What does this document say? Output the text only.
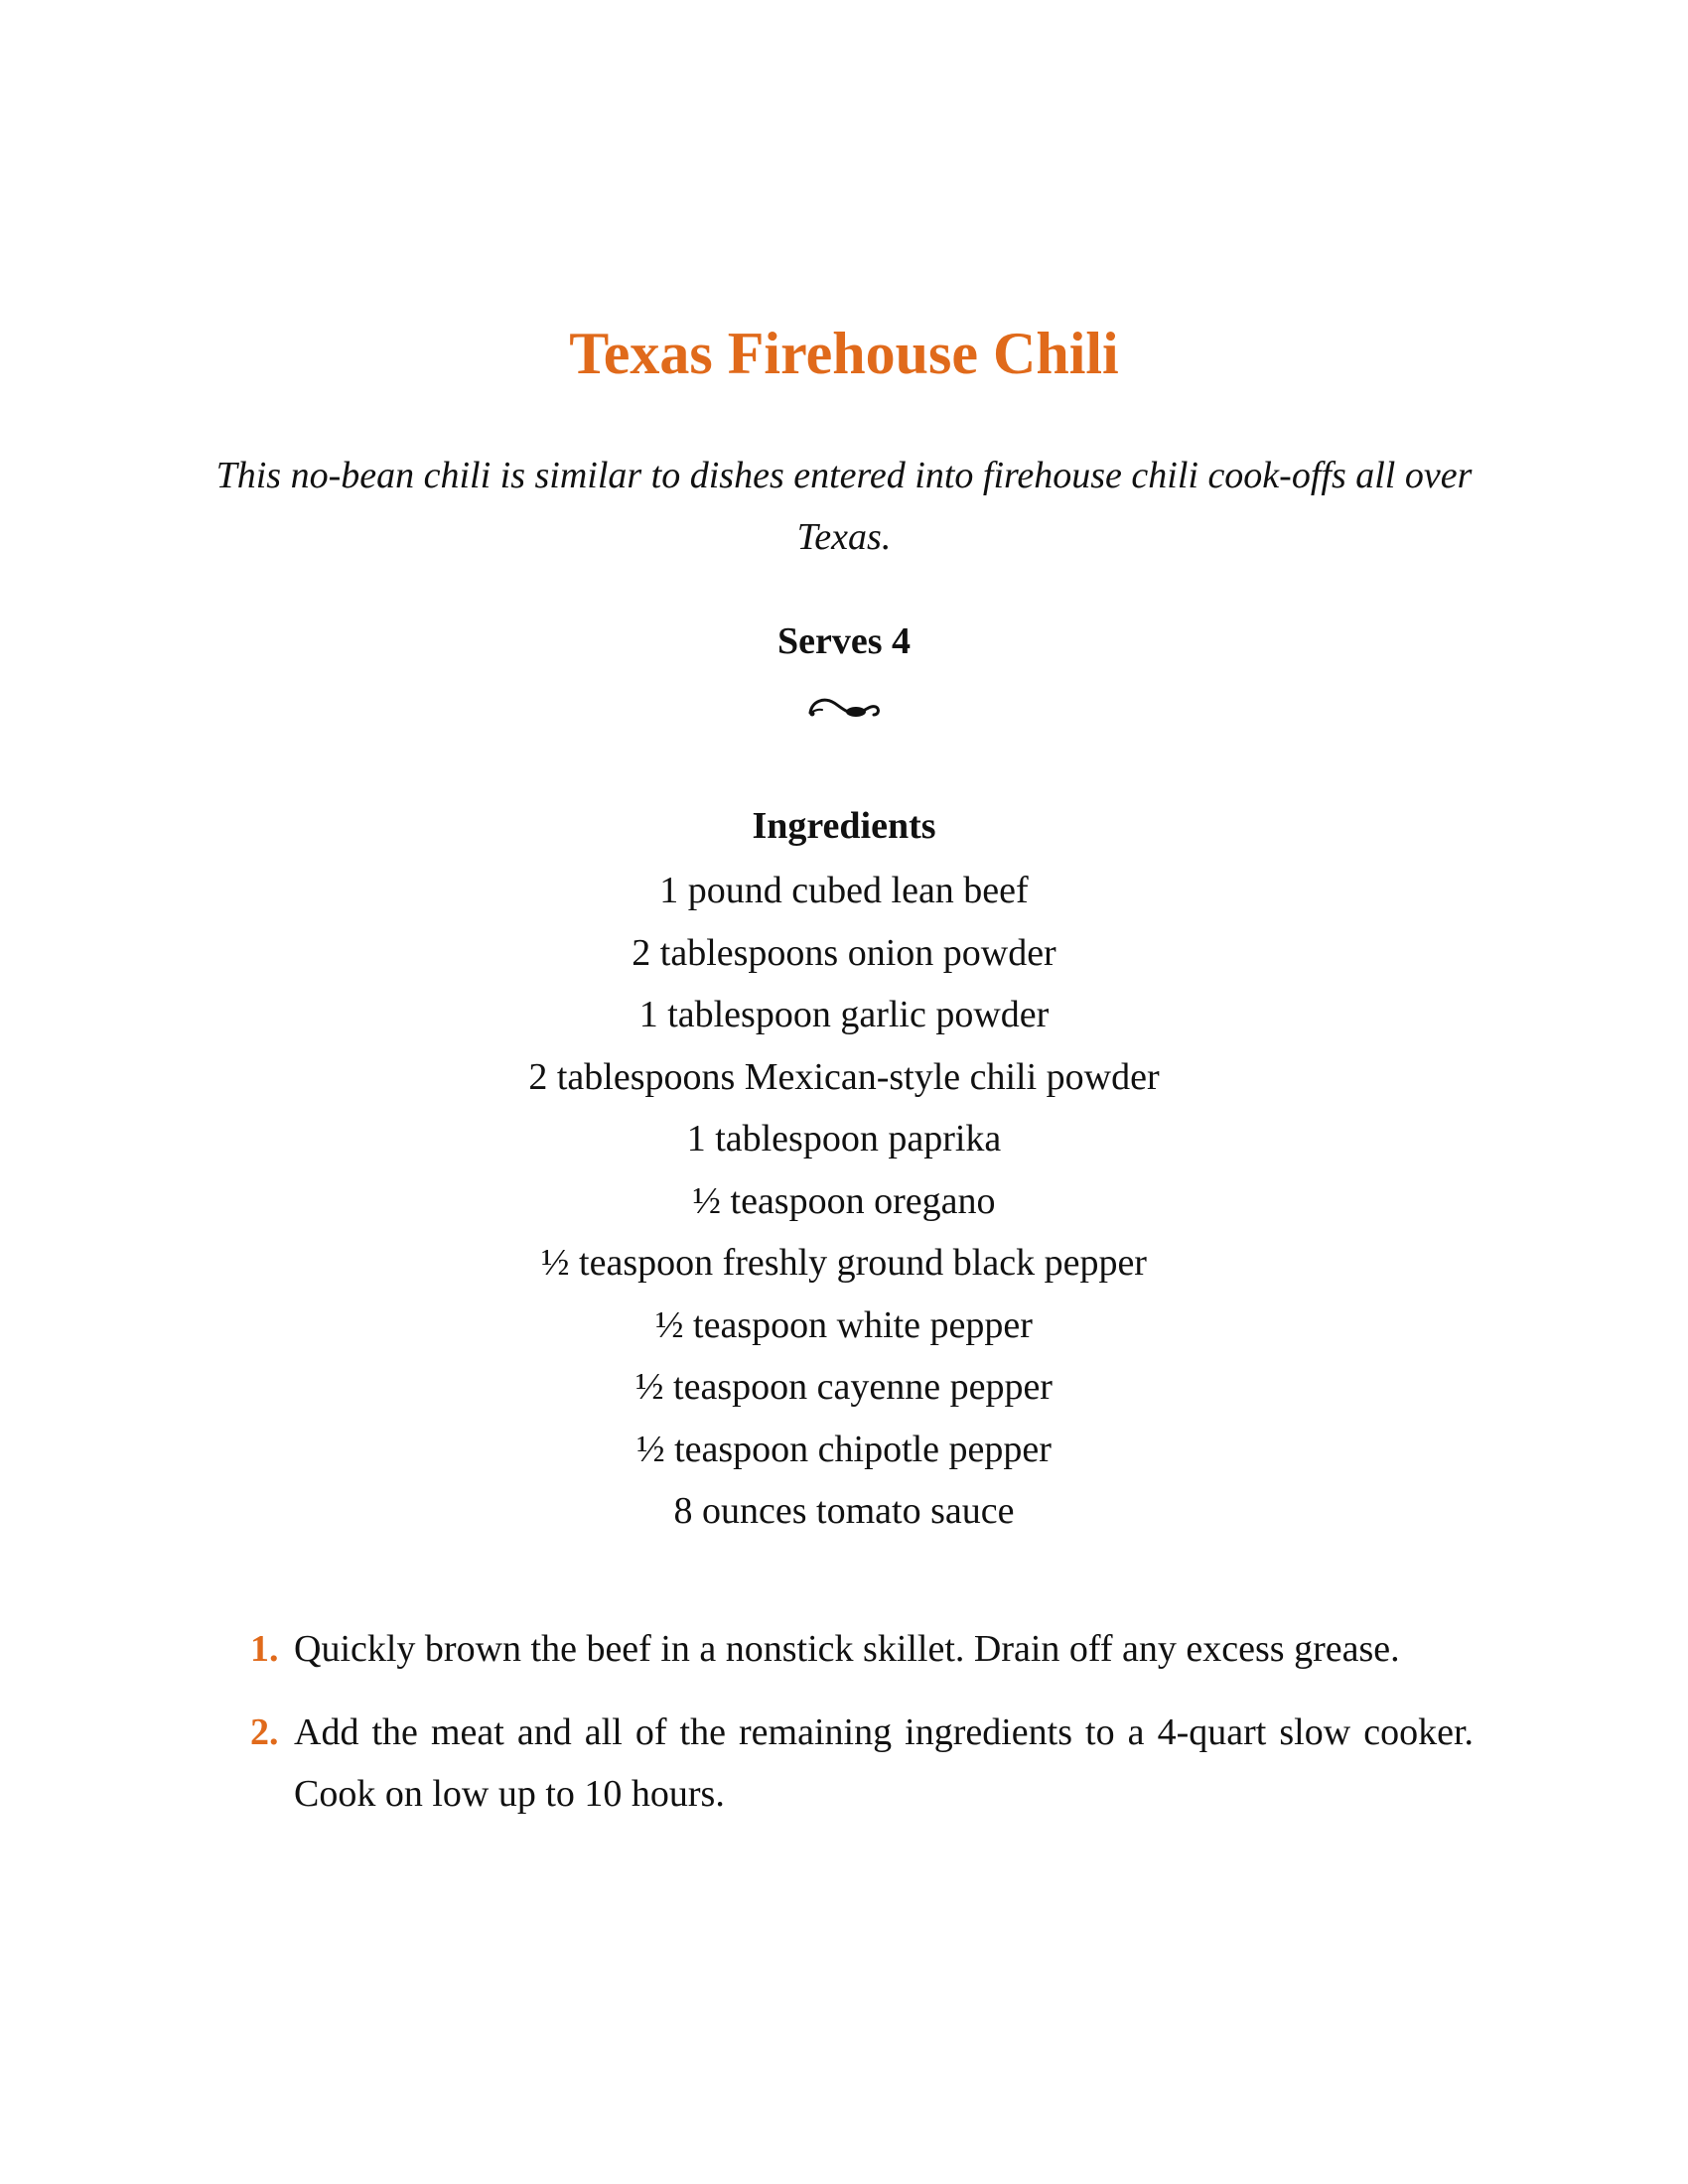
Texas Firehouse Chili

This no-bean chili is similar to dishes entered into firehouse chili cook-offs all over Texas.

Serves 4

Ingredients
1 pound cubed lean beef
2 tablespoons onion powder
1 tablespoon garlic powder
2 tablespoons Mexican-style chili powder
1 tablespoon paprika
½ teaspoon oregano
½ teaspoon freshly ground black pepper
½ teaspoon white pepper
½ teaspoon cayenne pepper
½ teaspoon chipotle pepper
8 ounces tomato sauce
1. Quickly brown the beef in a nonstick skillet. Drain off any excess grease.
2. Add the meat and all of the remaining ingredients to a 4-quart slow cooker. Cook on low up to 10 hours.
